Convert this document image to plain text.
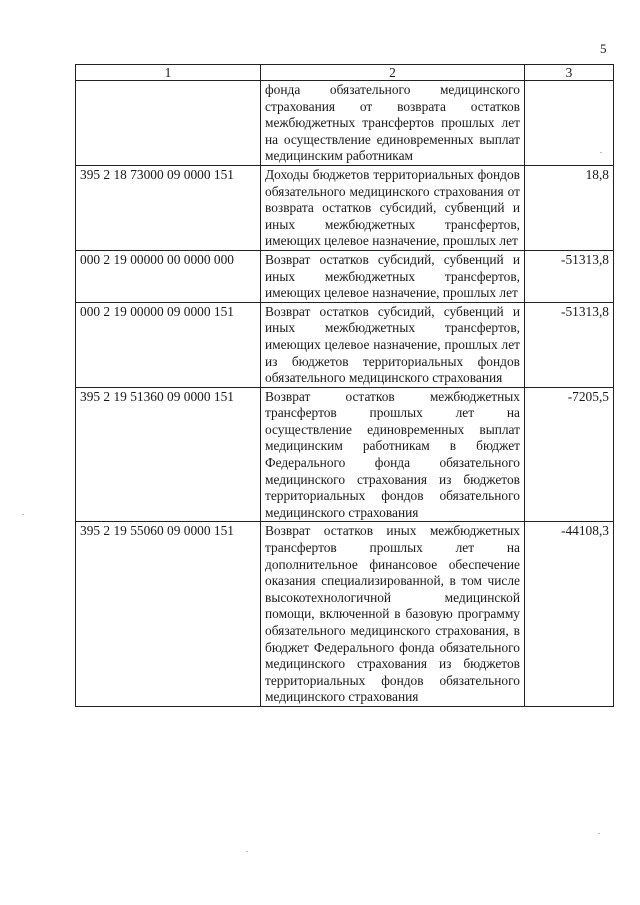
5
1	2	3
	фонда обязательного медицинского страхования от возврата остатков межбюджетных трансфертов прошлых лет на осуществление единовременных выплат медицинским работникам	
395 2 18 73000 09 0000 151	Доходы бюджетов территориальных фондов обязательного медицинского страхования от возврата остатков субсидий, субвенций и иных межбюджетных трансфертов, имеющих целевое назначение, прошлых лет	18,8
000 2 19 00000 00 0000 000	Возврат остатков субсидий, субвенций и иных межбюджетных трансфертов, имеющих целевое назначение, прошлых лет	-51313,8
000 2 19 00000 09 0000 151	Возврат остатков субсидий, субвенций и иных межбюджетных трансфертов, имеющих целевое назначение, прошлых лет из бюджетов территориальных фондов обязательного медицинского страхования	-51313,8
395 2 19 51360 09 0000 151	Возврат остатков межбюджетных трансфертов прошлых лет на осуществление единовременных выплат медицинским работникам в бюджет Федерального фонда обязательного медицинского страхования из бюджетов территориальных фондов обязательного медицинского страхования	-7205,5
395 2 19 55060 09 0000 151	Возврат остатков иных межбюджетных трансфертов прошлых лет на дополнительное финансовое обеспечение оказания специализированной, в том числе высокотехнологичной медицинской помощи, включенной в базовую программу обязательного медицинского страхования, в бюджет Федерального фонда обязательного медицинского страхования из бюджетов территориальных фондов обязательного медицинского страхования	-44108,3
